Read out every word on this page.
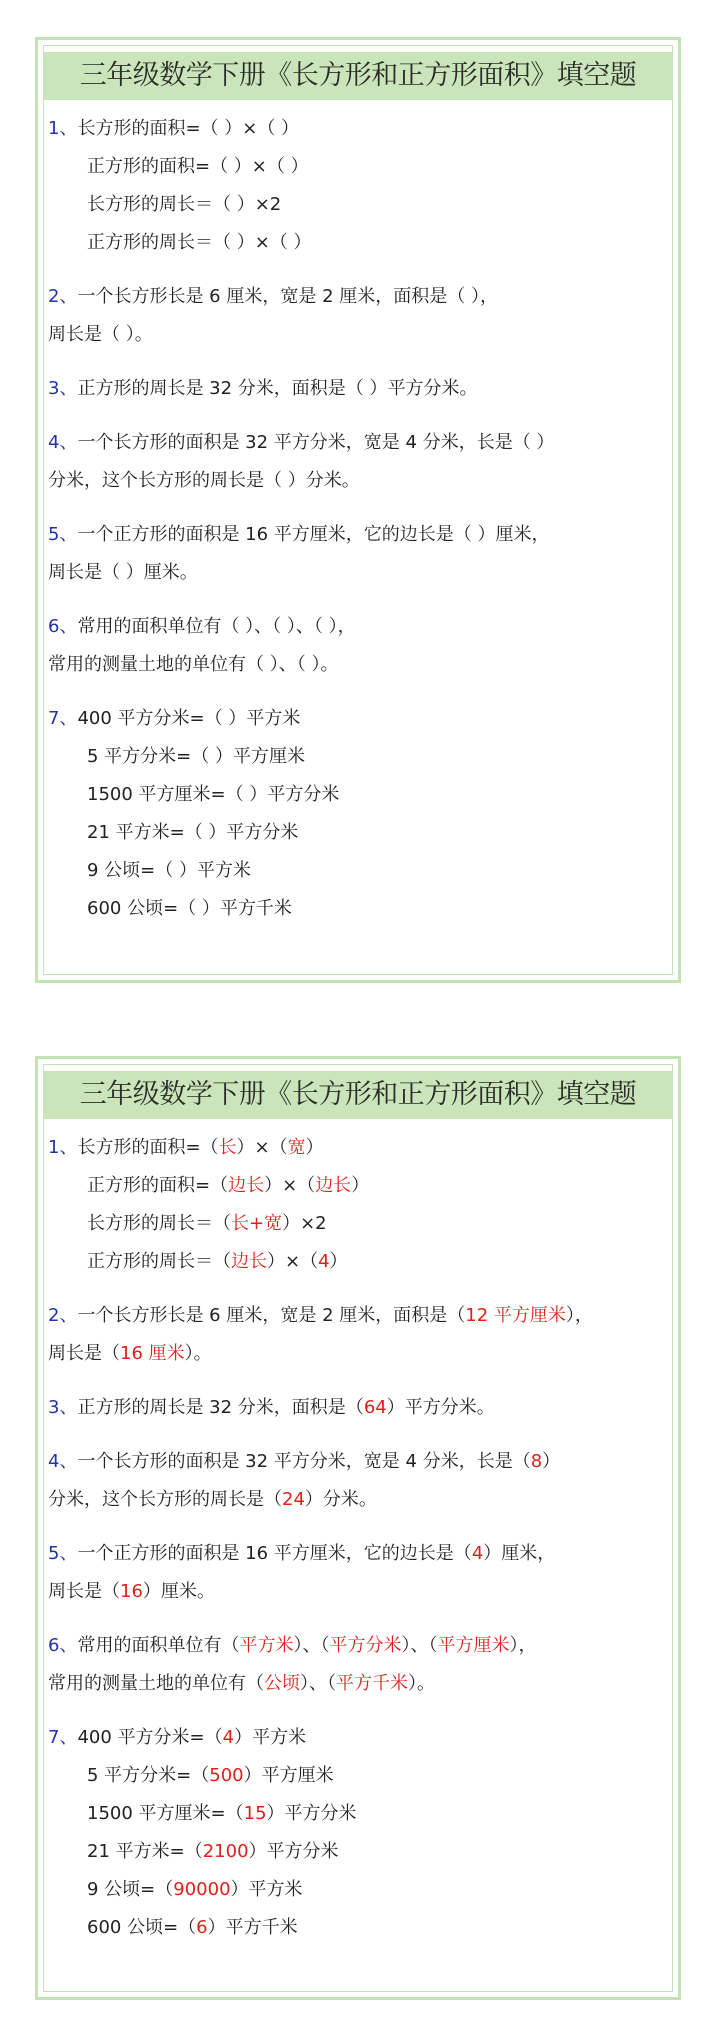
三年级数学下册《长方形和正方形面积》填空题
1、长方形的面积=（ ）×（ ）
正方形的面积=（ ）×（ ）
长方形的周长＝（ ）×2
正方形的周长＝（ ）×（ ）
2、一个长方形长是 6 厘米，宽是 2 厘米，面积是（ ），
周长是（ ）。
3、正方形的周长是 32 分米，面积是（ ）平方分米。
4、一个长方形的面积是 32 平方分米，宽是 4 分米，长是（ ）
分米，这个长方形的周长是（ ）分米。
5、一个正方形的面积是 16 平方厘米，它的边长是（ ）厘米，
周长是（ ）厘米。
6、常用的面积单位有（ ）、（ ）、（ ），
常用的测量土地的单位有（ ）、（ ）。
7、400 平方分米=（ ）平方米
5 平方分米=（ ）平方厘米
1500 平方厘米=（ ）平方分米
21 平方米=（ ）平方分米
9 公顷=（ ）平方米
600 公顷=（ ）平方千米
三年级数学下册《长方形和正方形面积》填空题
1、长方形的面积=（长）×（宽）
正方形的面积=（边长）×（边长）
长方形的周长＝（长+宽）×2
正方形的周长＝（边长）×（4）
2、一个长方形长是 6 厘米，宽是 2 厘米，面积是（12 平方厘米），
周长是（16 厘米）。
3、正方形的周长是 32 分米，面积是（64）平方分米。
4、一个长方形的面积是 32 平方分米，宽是 4 分米，长是（8）
分米，这个长方形的周长是（24）分米。
5、一个正方形的面积是 16 平方厘米，它的边长是（4）厘米，
周长是（16）厘米。
6、常用的面积单位有（平方米）、（平方分米）、（平方厘米），
常用的测量土地的单位有（公顷）、（平方千米）。
7、400 平方分米=（4）平方米
5 平方分米=（500）平方厘米
1500 平方厘米=（15）平方分米
21 平方米=（2100）平方分米
9 公顷=（90000）平方米
600 公顷=（6）平方千米
